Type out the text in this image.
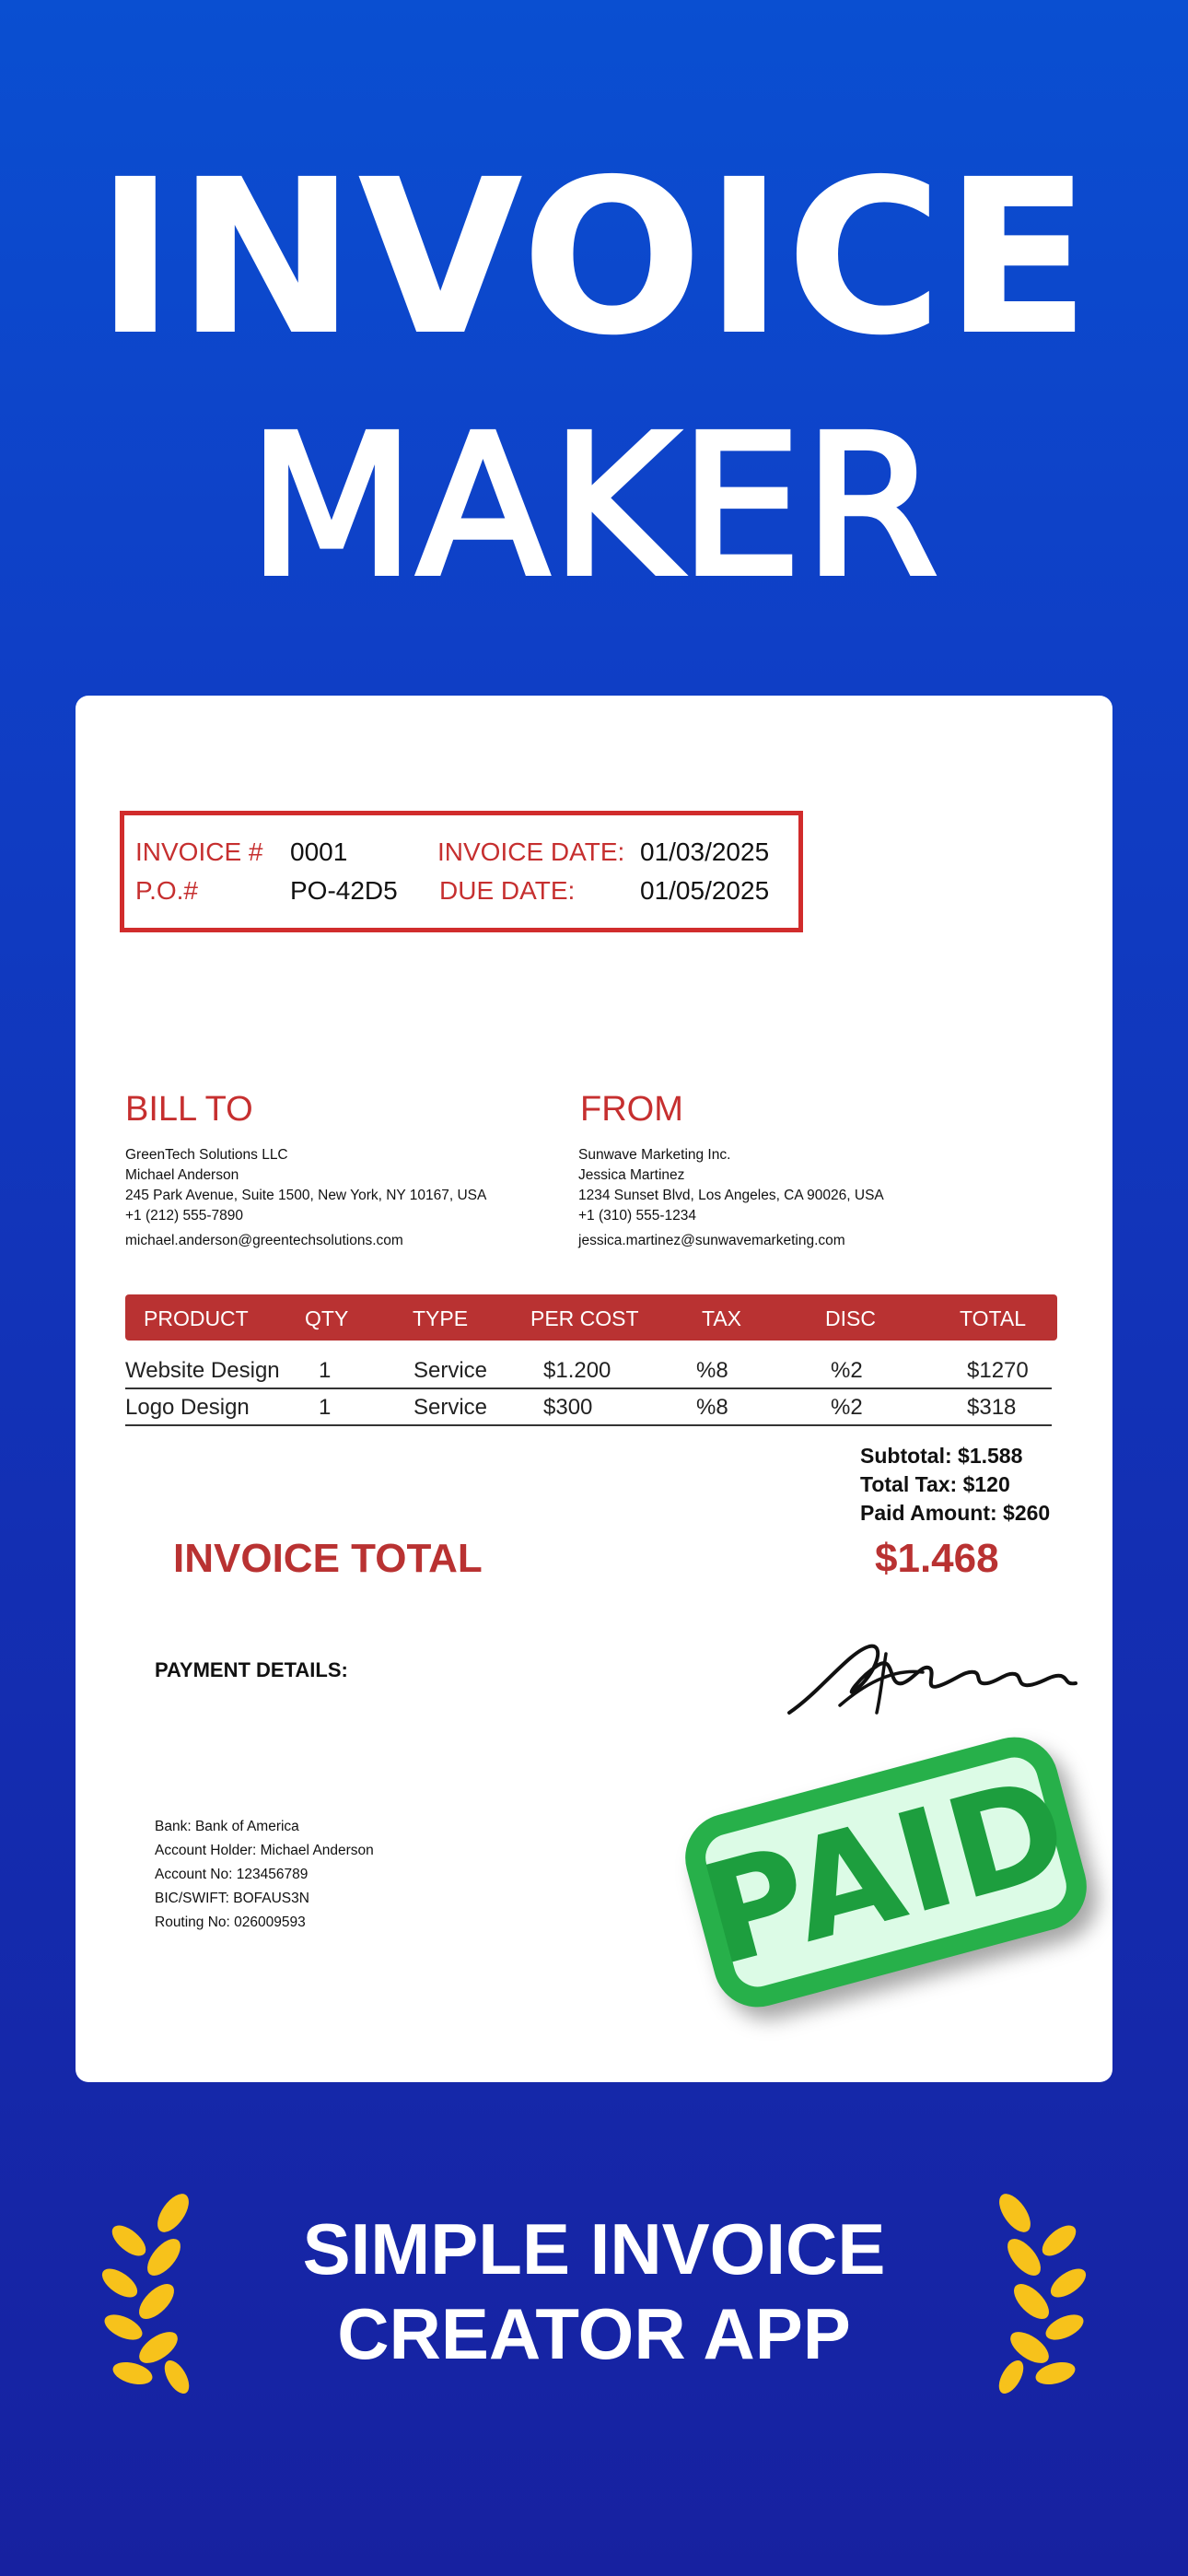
INVOICE
MAKER
INVOICE # 0001	INVOICE DATE: 01/03/2025
P.O.#	PO-42D5 DUE DATE:	01/05/2025
BILL TO
GreenTech Solutions LLC
Michael Anderson
245 Park Avenue, Suite 1500, New York, NY 10167, USA
+1 (212) 555-7890
michael.anderson@greentechsolutions.com
FROM
Sunwave Marketing Inc.
Jessica Martinez
1234 Sunset Blvd, Los Angeles, CA 90026, USA
+1 (310) 555-1234
jessica.martinez@sunwavemarketing.com
PRODUCT	QTY	TYPE	PER COST	TAX	DISC	TOTAL
Website Design 1	Service	$1.200	%8	%2	$1270
Logo Design	1	Service	$300	%8	%2	$318
Subtotal: $1.588
Total Tax: $120
Paid Amount: $260
INVOICE TOTAL	$1.468
PAYMENT DETAILS:
Bank: Bank of America
Account Holder: Michael Anderson
Account No: 123456789
BIC/SWIFT: BOFAUS3N
Routing No: 026009593	PAID
SIMPLE INVOICE
CREATOR APP
